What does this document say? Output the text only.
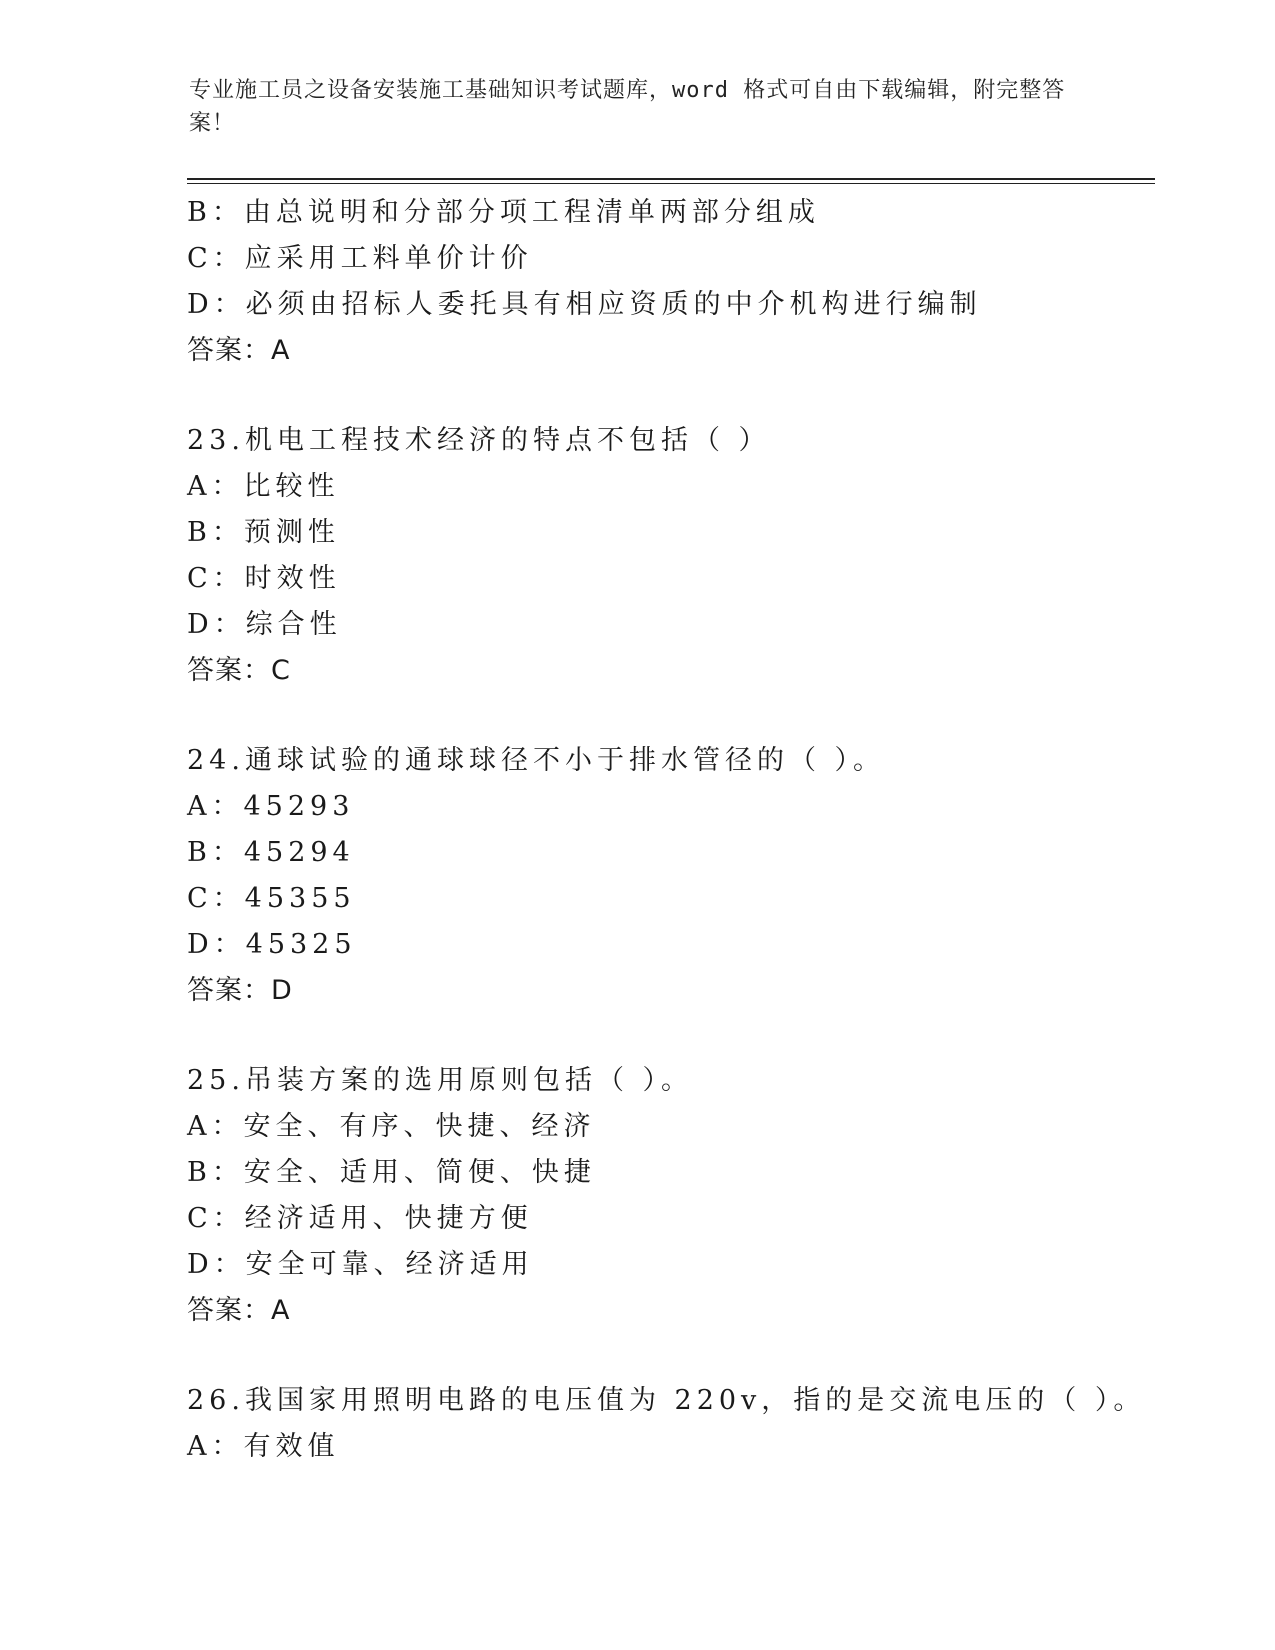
专业施工员之设备安装施工基础知识考试题库，word 格式可自由下载编辑，附完整答案！
B：由总说明和分部分项工程清单两部分组成
C：应采用工料单价计价
D：必须由招标人委托具有相应资质的中介机构进行编制
答案：A
23.机电工程技术经济的特点不包括（ ）
A：比较性
B：预测性
C：时效性
D：综合性
答案：C
24.通球试验的通球球径不小于排水管径的（ ）。
A：45293
B：45294
C：45355
D：45325
答案：D
25.吊装方案的选用原则包括（ ）。
A：安全、有序、快捷、经济
B：安全、适用、简便、快捷
C：经济适用、快捷方便
D：安全可靠、经济适用
答案：A
26.我国家用照明电路的电压值为 220v，指的是交流电压的（ ）。
A：有效值
